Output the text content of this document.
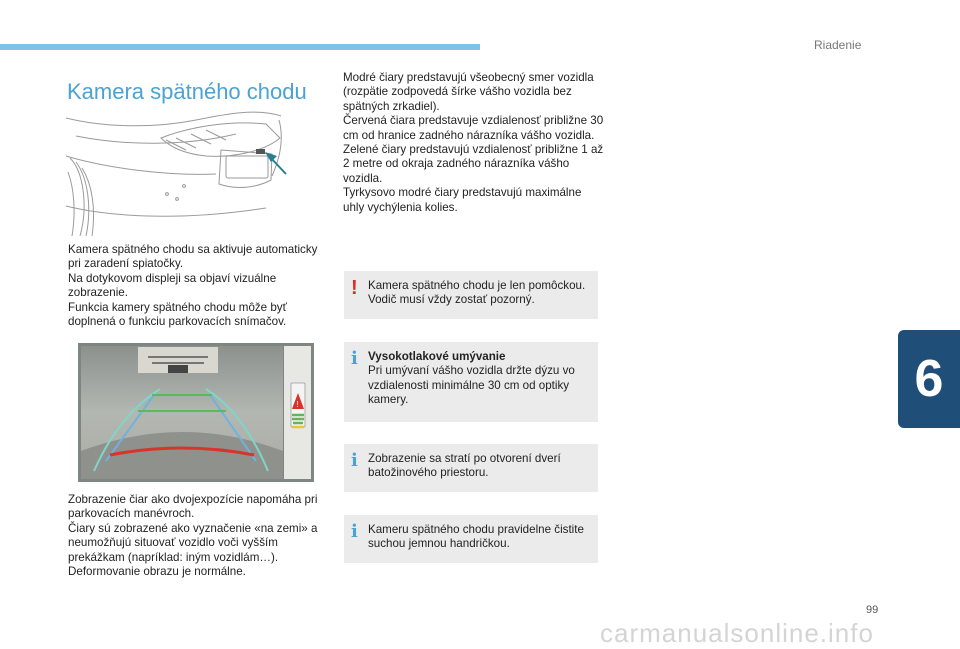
Riadenie
6
99
Kamera spätného chodu

Kamera spätného chodu sa aktivuje automaticky pri zaradení spiatočky.

Na dotykovom displeji sa objaví vizuálne zobrazenie.

Funkcia kamery spätného chodu môže byť doplnená o funkciu parkovacích snímačov.

Modré čiary predstavujú všeobecný smer vozidla (rozpätie zodpovedá šírke vášho vozidla bez spätných zrkadiel).

Červená čiara predstavuje vzdialenosť približne 30 cm od hranice zadného nárazníka vášho vozidla.

Zelené čiary predstavujú vzdialenosť približne 1 až 2 metre od okraja zadného nárazníka vášho vozidla.

Tyrkysovo modré čiary predstavujú maximálne uhly vychýlenia kolies.

!

Zobrazenie čiar ako dvojexpozície napomáha pri parkovacích manévroch.

Čiary sú zobrazené ako vyznačenie «na zemi» a neumožňujú situovať vozidlo voči vyšším prekážkam (napríklad: iným vozidlám…).

Deformovanie obrazu je normálne.

! Kamera spätného chodu je len pomôckou. Vodič musí vždy zostať pozorný.
i Vysokotlakové umývanie
Pri umývaní vášho vozidla držte dýzu vo vzdialenosti minimálne 30 cm od optiky kamery.
i Zobrazenie sa stratí po otvorení dverí batožinového priestoru.
i Kameru spätného chodu pravidelne čistite suchou jemnou handričkou.
carmanualsonline.info
